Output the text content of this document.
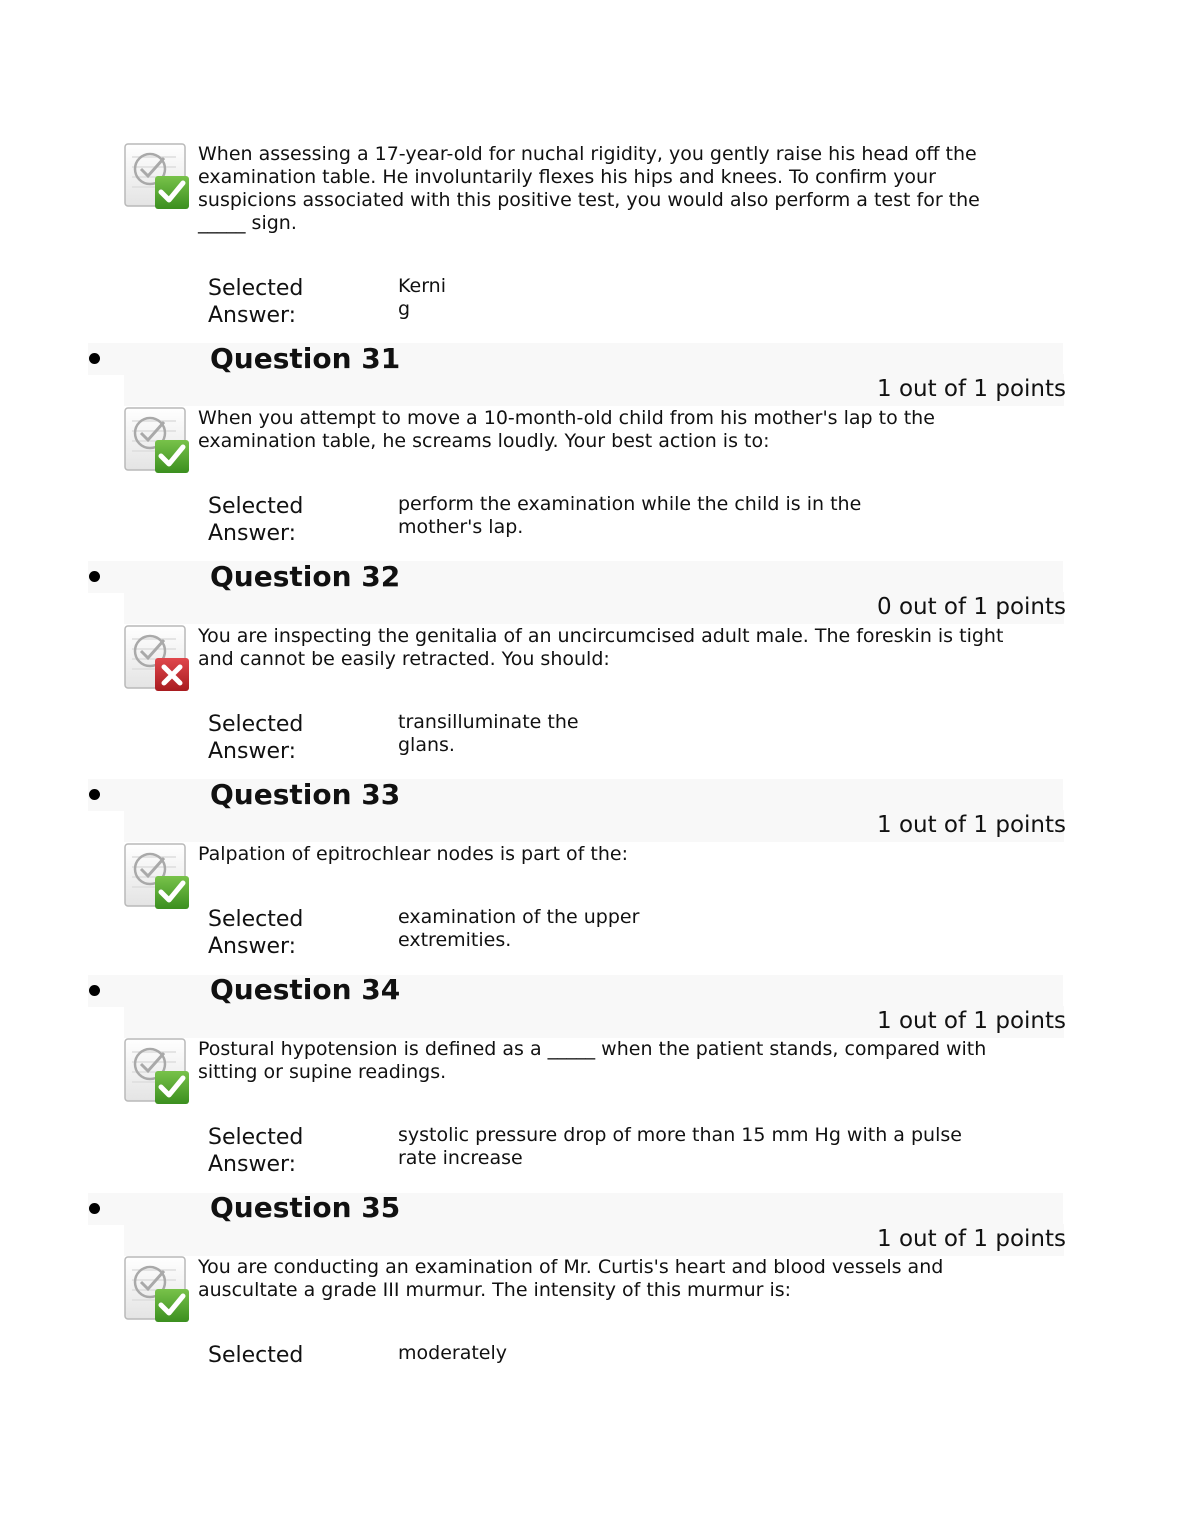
When assessing a 17-year-old for nuchal rigidity, you gently raise his head off the examination table. He involuntarily flexes his hips and knees. To confirm your suspicions associated with this positive test, you would also perform a test for the _____ sign.
Selected
Answer:
Kerni
g
Question 31
1 out of 1 points
When you attempt to move a 10-month-old child from his mother's lap to the examination table, he screams loudly. Your best action is to:
Selected
Answer:
perform the examination while the child is in the
mother's lap.
Question 32
0 out of 1 points
You are inspecting the genitalia of an uncircumcised adult male. The foreskin is tight and cannot be easily retracted. You should:
Selected
Answer:
transilluminate the
glans.
Question 33
1 out of 1 points
Palpation of epitrochlear nodes is part of the:
Selected
Answer:
examination of the upper
extremities.
Question 34
1 out of 1 points
Postural hypotension is defined as a _____ when the patient stands, compared with sitting or supine readings.
Selected
Answer:
systolic pressure drop of more than 15 mm Hg with a pulse
rate increase
Question 35
1 out of 1 points
You are conducting an examination of Mr. Curtis's heart and blood vessels and auscultate a grade III murmur. The intensity of this murmur is:
Selected	moderately
